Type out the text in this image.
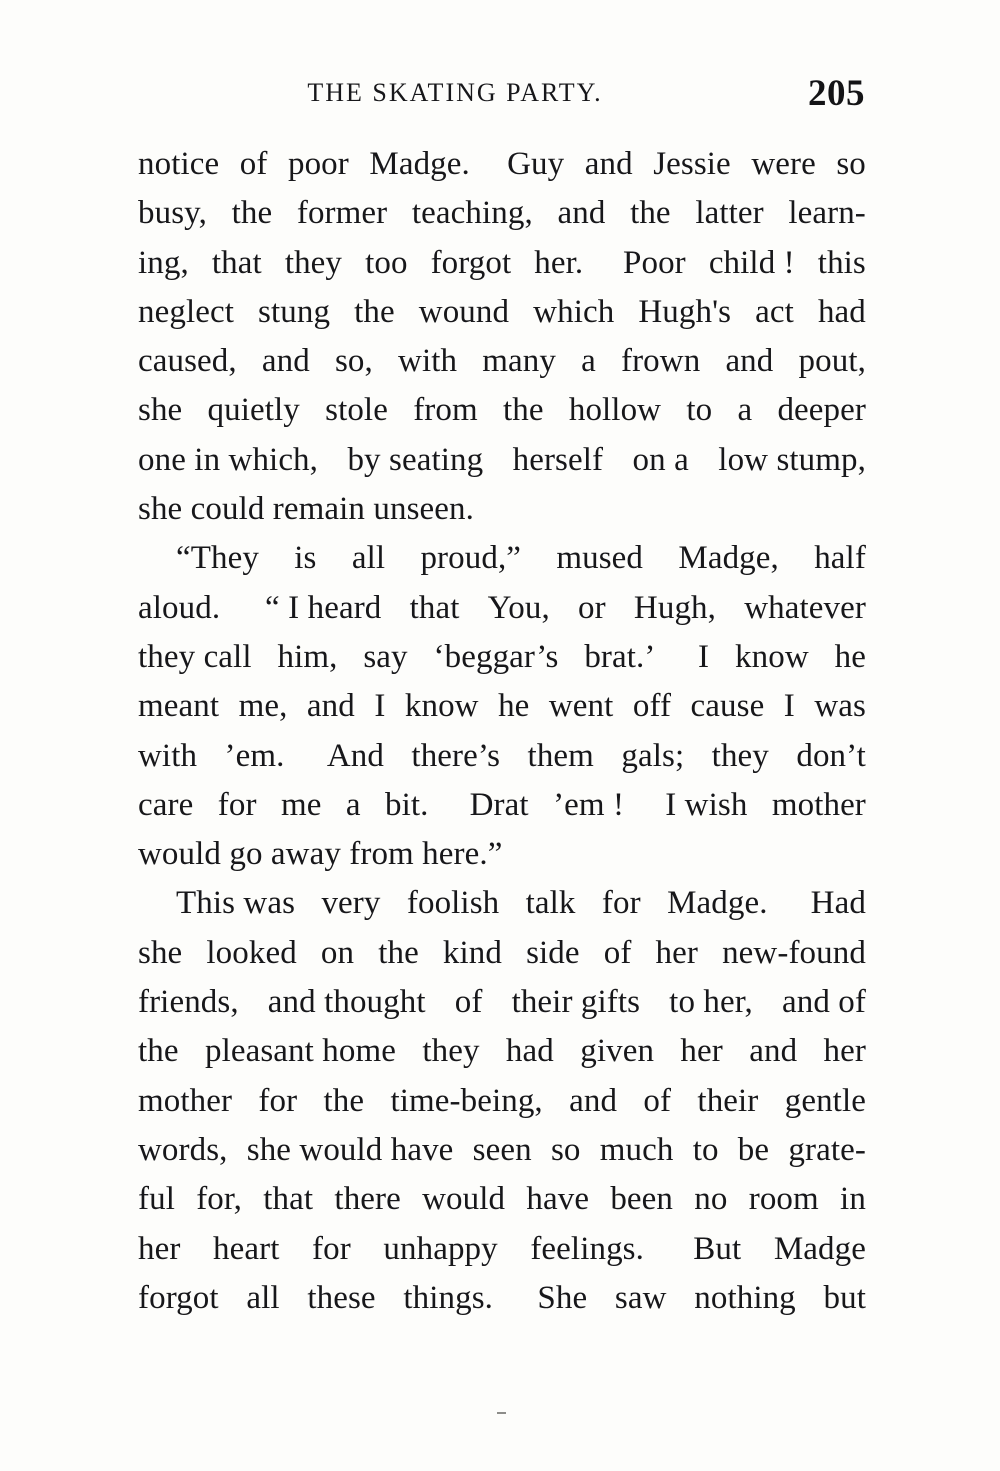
THE SKATING PARTY.	205

notice of poor Madge. Guy and Jessie were so
busy, the former teaching, and the latter learn-
ing, that they too forgot her. Poor child ! this
neglect stung the wound which Hugh's act had
caused, and so, with many a frown and pout,
she quietly stole from the hollow to a deeper
one in which, by seating herself on a low stump,
she could remain unseen.

“They is all proud,” mused Madge, half
aloud. “ I heard that You, or Hugh, whatever
they call him, say ‘beggar’s brat.’ I know he
meant me, and I know he went off cause I was
with ’em. And there’s them gals; they don’t
care for me a bit. Drat ’em ! I wish mother
would go away from here.”

This was very foolish talk for Madge. Had
she looked on the kind side of her new-found
friends, and thought of their gifts to her, and of
the pleasant home they had given her and her
mother for the time-being, and of their gentle
words, she would have seen so much to be grate-
ful for, that there would have been no room in
her heart for unhappy feelings. But Madge
forgot all these things. She saw nothing but
